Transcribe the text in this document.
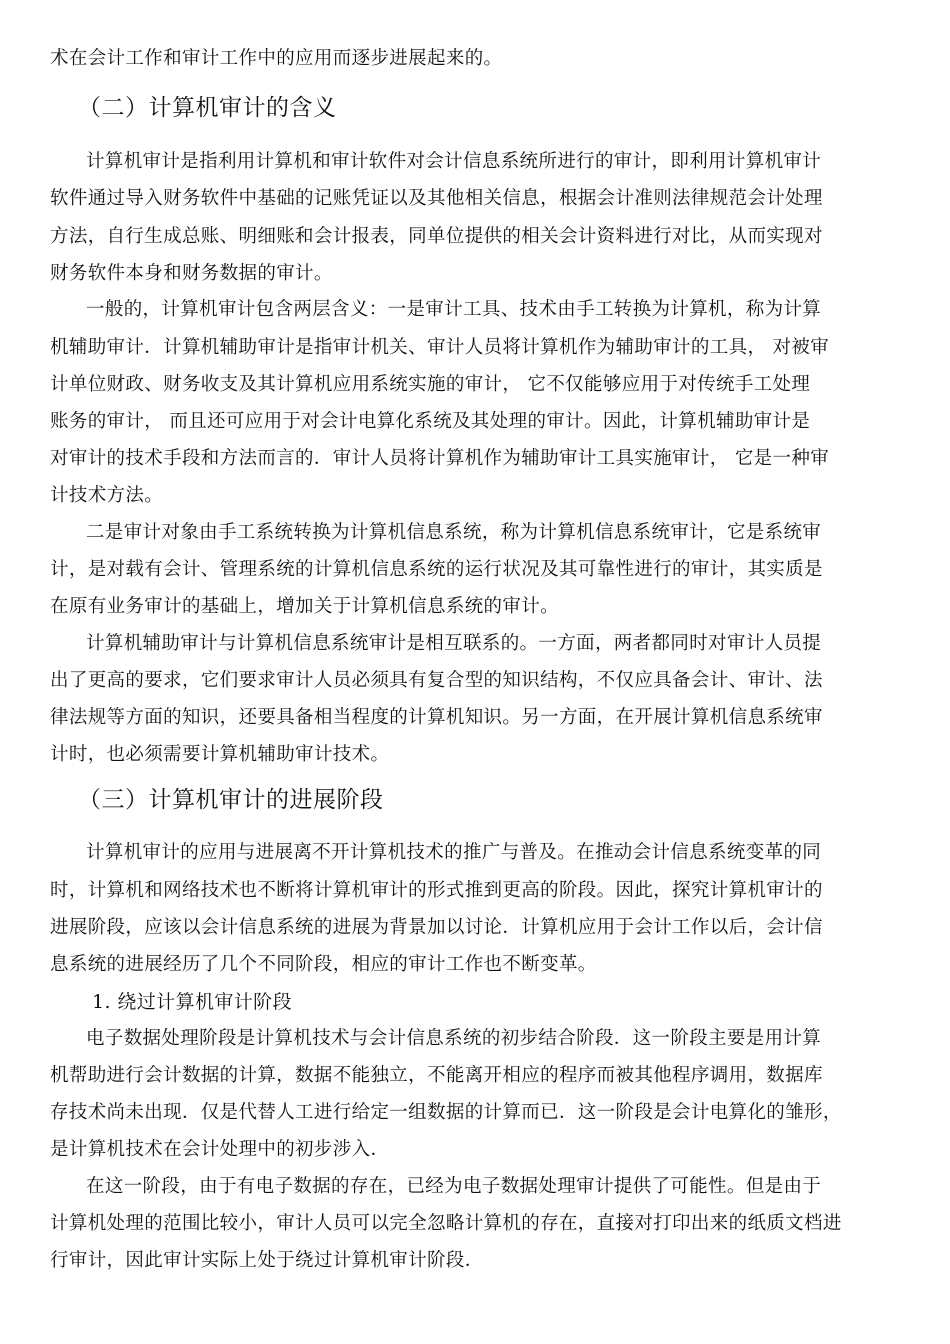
术在会计工作和审计工作中的应用而逐步进展起来的。
（二）计算机审计的含义
计算机审计是指利用计算机和审计软件对会计信息系统所进行的审计，即利用计算机审计
软件通过导入财务软件中基础的记账凭证以及其他相关信息，根据会计准则法律规范会计处理
方法，自行生成总账、明细账和会计报表，同单位提供的相关会计资料进行对比，从而实现对
财务软件本身和财务数据的审计。
一般的，计算机审计包含两层含义：一是审计工具、技术由手工转换为计算机，称为计算
机辅助审计．计算机辅助审计是指审计机关、审计人员将计算机作为辅助审计的工具， 对被审
计单位财政、财务收支及其计算机应用系统实施的审计， 它不仅能够应用于对传统手工处理
账务的审计， 而且还可应用于对会计电算化系统及其处理的审计。因此，计算机辅助审计是
对审计的技术手段和方法而言的．审计人员将计算机作为辅助审计工具实施审计， 它是一种审
计技术方法。
二是审计对象由手工系统转换为计算机信息系统，称为计算机信息系统审计，它是系统审
计，是对载有会计、管理系统的计算机信息系统的运行状况及其可靠性进行的审计，其实质是
在原有业务审计的基础上，增加关于计算机信息系统的审计。
计算机辅助审计与计算机信息系统审计是相互联系的。一方面，两者都同时对审计人员提
出了更高的要求，它们要求审计人员必须具有复合型的知识结构，不仅应具备会计、审计、法
律法规等方面的知识，还要具备相当程度的计算机知识。另一方面，在开展计算机信息系统审
计时，也必须需要计算机辅助审计技术。
（三）计算机审计的进展阶段
计算机审计的应用与进展离不开计算机技术的推广与普及。在推动会计信息系统变革的同
时，计算机和网络技术也不断将计算机审计的形式推到更高的阶段。因此，探究计算机审计的
进展阶段，应该以会计信息系统的进展为背景加以讨论．计算机应用于会计工作以后，会计信
息系统的进展经历了几个不同阶段，相应的审计工作也不断变革。
1. 绕过计算机审计阶段
电子数据处理阶段是计算机技术与会计信息系统的初步结合阶段．这一阶段主要是用计算
机帮助进行会计数据的计算，数据不能独立，不能离开相应的程序而被其他程序调用，数据库
存技术尚未出现．仅是代替人工进行给定一组数据的计算而已．这一阶段是会计电算化的雏形，
是计算机技术在会计处理中的初步涉入．
在这一阶段，由于有电子数据的存在，已经为电子数据处理审计提供了可能性。但是由于
计算机处理的范围比较小，审计人员可以完全忽略计算机的存在，直接对打印出来的纸质文档进
行审计，因此审计实际上处于绕过计算机审计阶段．
